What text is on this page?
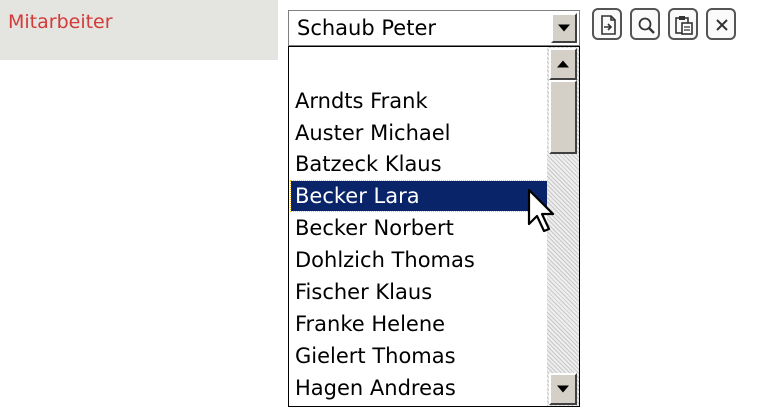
Mitarbeiter	Schaub Peter
Arndts Frank
Auster Michael
Batzeck Klaus
Becker Lara
Becker Norbert
Dohlzich Thomas
Fischer Klaus
Franke Helene
Gielert Thomas
Hagen Andreas
